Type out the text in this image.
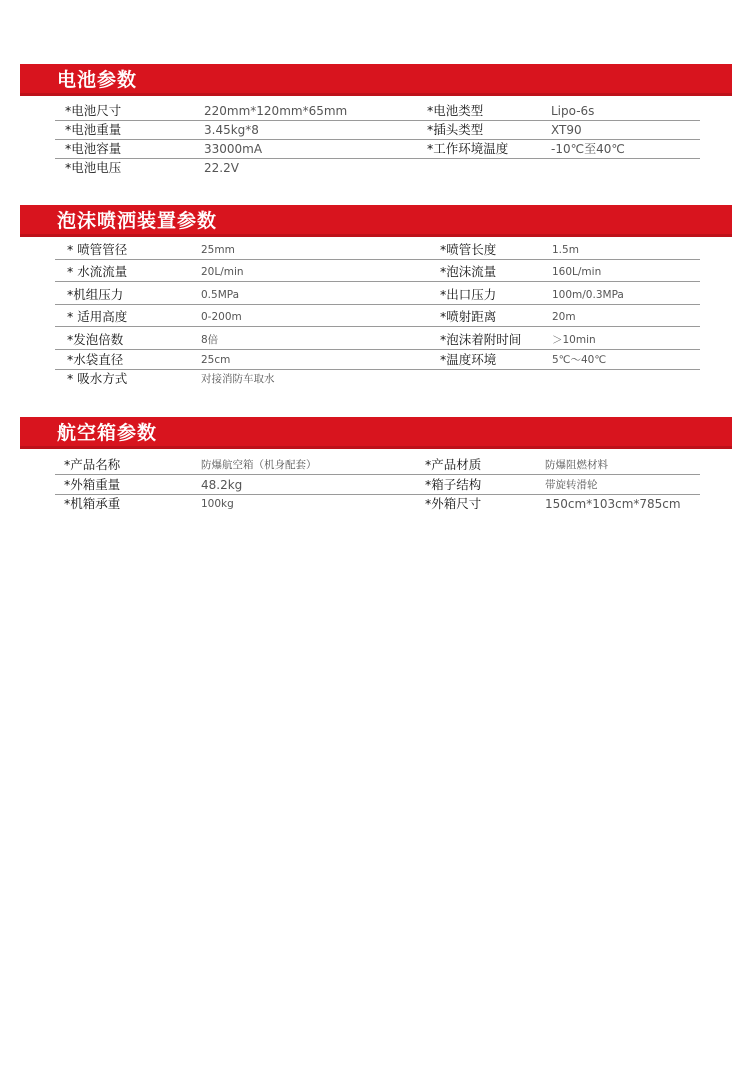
电池参数
*电池尺寸	220mm*120mm*65mm	*电池类型	Lipo-6s
*电池重量	3.45kg*8	*插头类型	XT90
*电池容量	33000mA	*工作环境温度	-10℃至40℃
*电池电压	22.2V
泡沫喷洒装置参数
* 喷管管径	25mm	*喷管长度	1.5m
* 水流流量	20L/min	*泡沫流量	160L/min
*机组压力	0.5MPa	*出口压力	100m/0.3MPa
* 适用高度	0-200m	*喷射距离	20m
*发泡倍数	8倍	*泡沫着附时间	＞10min
*水袋直径	25cm	*温度环境	5℃～40℃
* 吸水方式	对接消防车取水
航空箱参数
*产品名称	防爆航空箱（机身配套）	*产品材质	防爆阻燃材料
*外箱重量	48.2kg	*箱子结构	带旋转滑轮
*机箱承重	100kg	*外箱尺寸	150cm*103cm*785cm
